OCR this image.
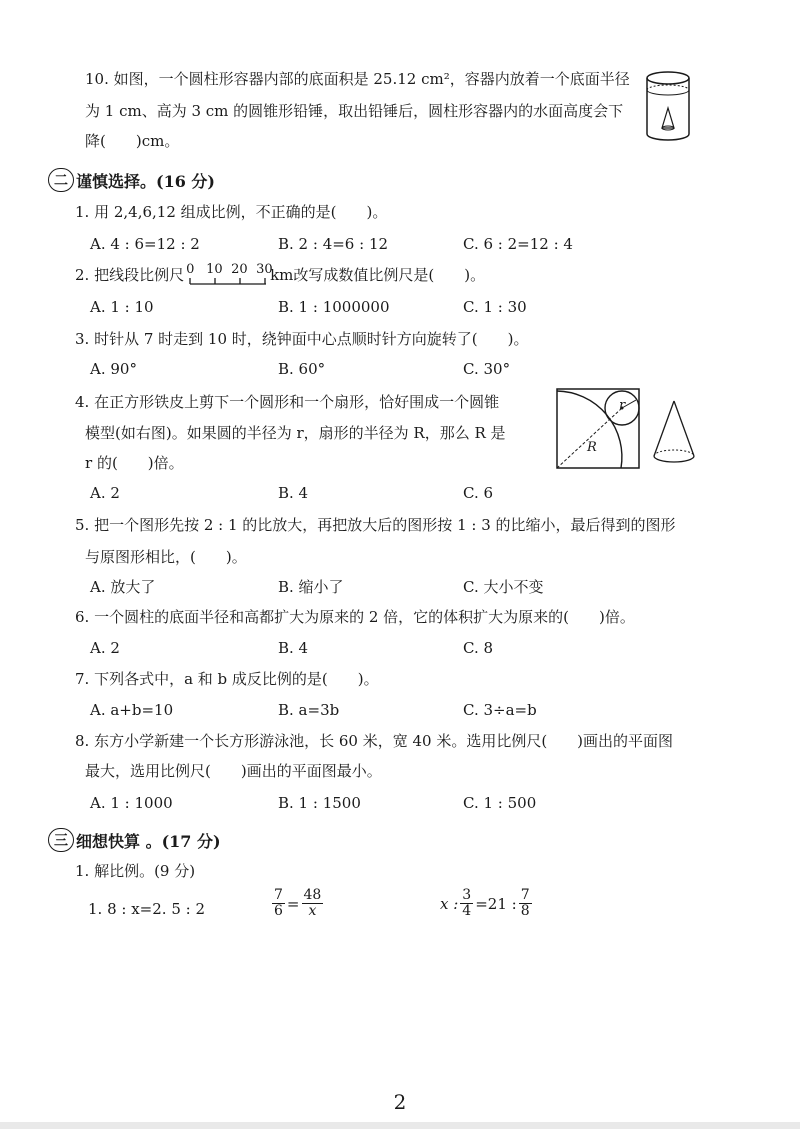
10. 如图，一个圆柱形容器内部的底面积是 25.12 cm²，容器内放着一个底面半径
为 1 cm、高为 3 cm 的圆锥形铅锤，取出铅锤后，圆柱形容器内的水面高度会下
降(　　)cm。
二 谨慎选择。(16 分)
1. 用 2,4,6,12 组成比例，不正确的是(　　)。
A. 4 : 6=12 : 2	B. 2 : 4=6 : 12	C. 6 : 2=12 : 4
2. 把线段比例尺 0 10 20 30
km改写成数值比例尺是(　　)。
A. 1 : 10	B. 1 : 1000000	C. 1 : 30
3. 时针从 7 时走到 10 时，绕钟面中心点顺时针方向旋转了(　　)。
A. 90°	B. 60°	C. 30°
4. 在正方形铁皮上剪下一个圆形和一个扇形，恰好围成一个圆锥
模型(如右图)。如果圆的半径为 r，扇形的半径为 R，那么 R 是
r 的(　　)倍。
A. 2	B. 4	C. 6
r
R
5. 把一个图形先按 2 : 1 的比放大，再把放大后的图形按 1 : 3 的比缩小，最后得到的图形
与原图形相比，(　　)。
A. 放大了	B. 缩小了	C. 大小不变
6. 一个圆柱的底面半径和高都扩大为原来的 2 倍，它的体积扩大为原来的(　　)倍。
A. 2	B. 4	C. 8
7. 下列各式中，a 和 b 成反比例的是(　　)。
A. a+b=10	B. a=3b	C. 3÷a=b
8. 东方小学新建一个长方形游泳池，长 60 米，宽 40 米。选用比例尺(　　)画出的平面图
最大，选用比例尺(　　)画出的平面图最小。
A. 1 : 1000	B. 1 : 1500	C. 1 : 500
三 细想快算 。(17 分)
1. 解比例。(9 分)
1. 8 : x=2. 5 : 2	$\frac{7}{6} = \frac{48}{x}$	x : $\frac{3}{4} =21$ : $\frac{7}{8}$
2
